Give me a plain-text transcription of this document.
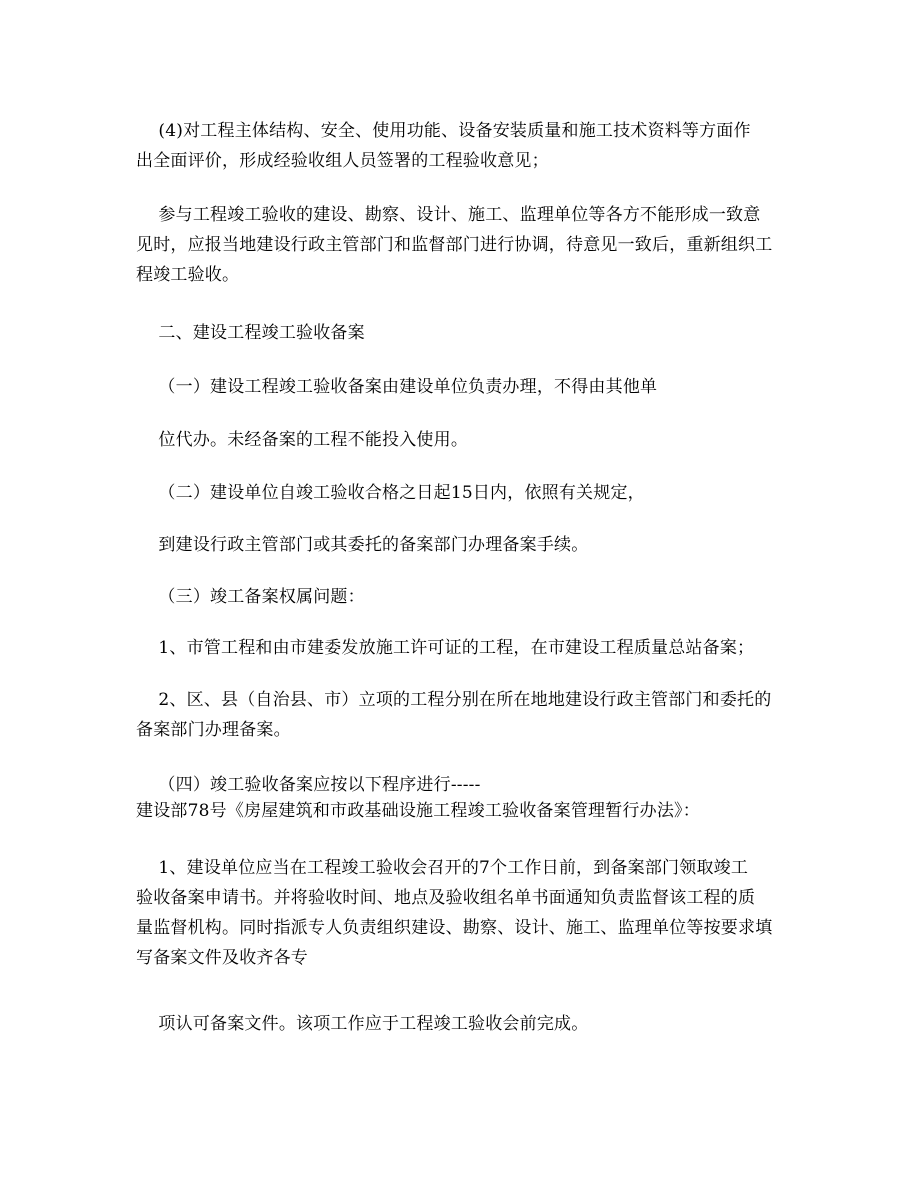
(4)对工程主体结构、安全、使用功能、设备安装质量和施工技术资料等方面作
出全面评价，形成经验收组人员签署的工程验收意见；
参与工程竣工验收的建设、勘察、设计、施工、监理单位等各方不能形成一致意
见时，应报当地建设行政主管部门和监督部门进行协调，待意见一致后，重新组织工
程竣工验收。
二、建设工程竣工验收备案
（一）建设工程竣工验收备案由建设单位负责办理，不得由其他单
位代办。未经备案的工程不能投入使用。
（二）建设单位自竣工验收合格之日起15日内，依照有关规定，
到建设行政主管部门或其委托的备案部门办理备案手续。
（三）竣工备案权属问题：
1、市管工程和由市建委发放施工许可证的工程，在市建设工程质量总站备案；
2、区、县（自治县、市）立项的工程分别在所在地地建设行政主管部门和委托的
备案部门办理备案。
（四）竣工验收备案应按以下程序进行-----
建设部78号《房屋建筑和市政基础设施工程竣工验收备案管理暂行办法》：
1、建设单位应当在工程竣工验收会召开的7个工作日前，到备案部门领取竣工
验收备案申请书。并将验收时间、地点及验收组名单书面通知负责监督该工程的质
量监督机构。同时指派专人负责组织建设、勘察、设计、施工、监理单位等按要求填
写备案文件及收齐各专
项认可备案文件。该项工作应于工程竣工验收会前完成。
